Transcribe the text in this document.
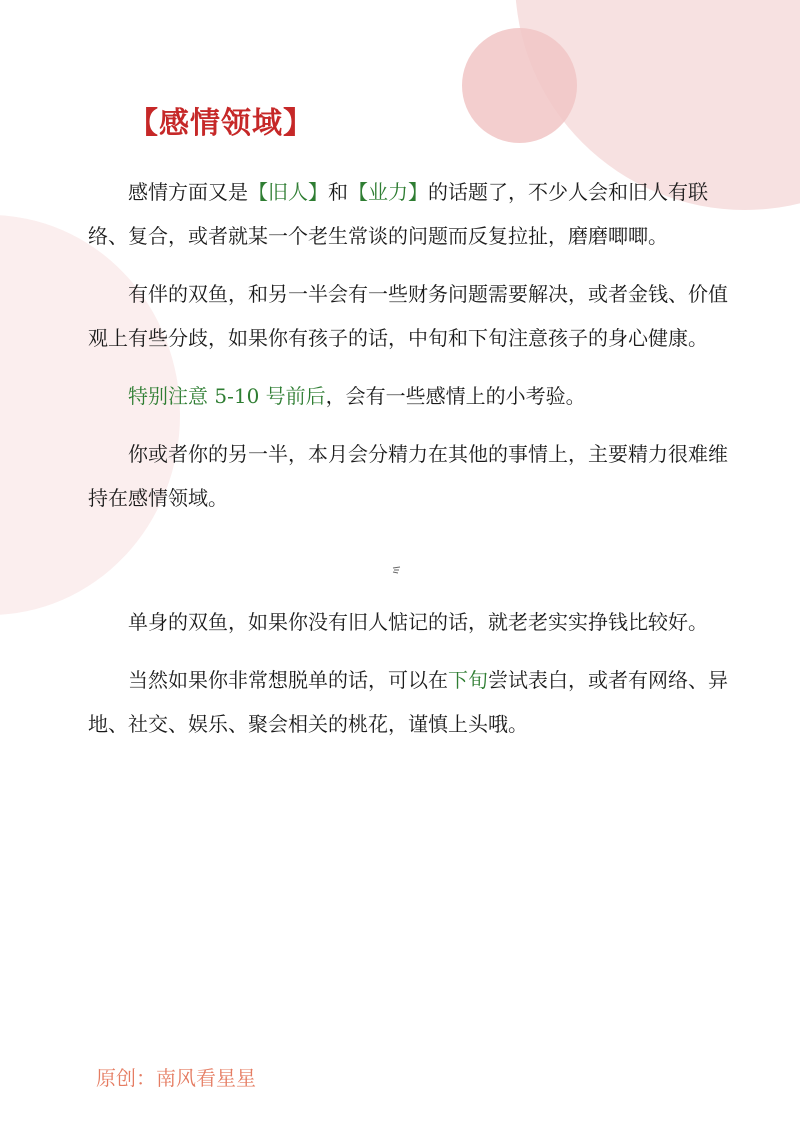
【感情领域】

感情方面又是【旧人】和【业力】的话题了，不少人会和旧人有联络、复合，或者就某一个老生常谈的问题而反复拉扯，磨磨唧唧。

有伴的双鱼，和另一半会有一些财务问题需要解决，或者金钱、价值观上有些分歧，如果你有孩子的话，中旬和下旬注意孩子的身心健康。

特别注意 5-10 号前后，会有一些感情上的小考验。

你或者你的另一半，本月会分精力在其他的事情上，主要精力很难维持在感情领域。

单身的双鱼，如果你没有旧人惦记的话，就老老实实挣钱比较好。

当然如果你非常想脱单的话，可以在下旬尝试表白，或者有网络、异地、社交、娱乐、聚会相关的桃花，谨慎上头哦。

原创：南风看星星
